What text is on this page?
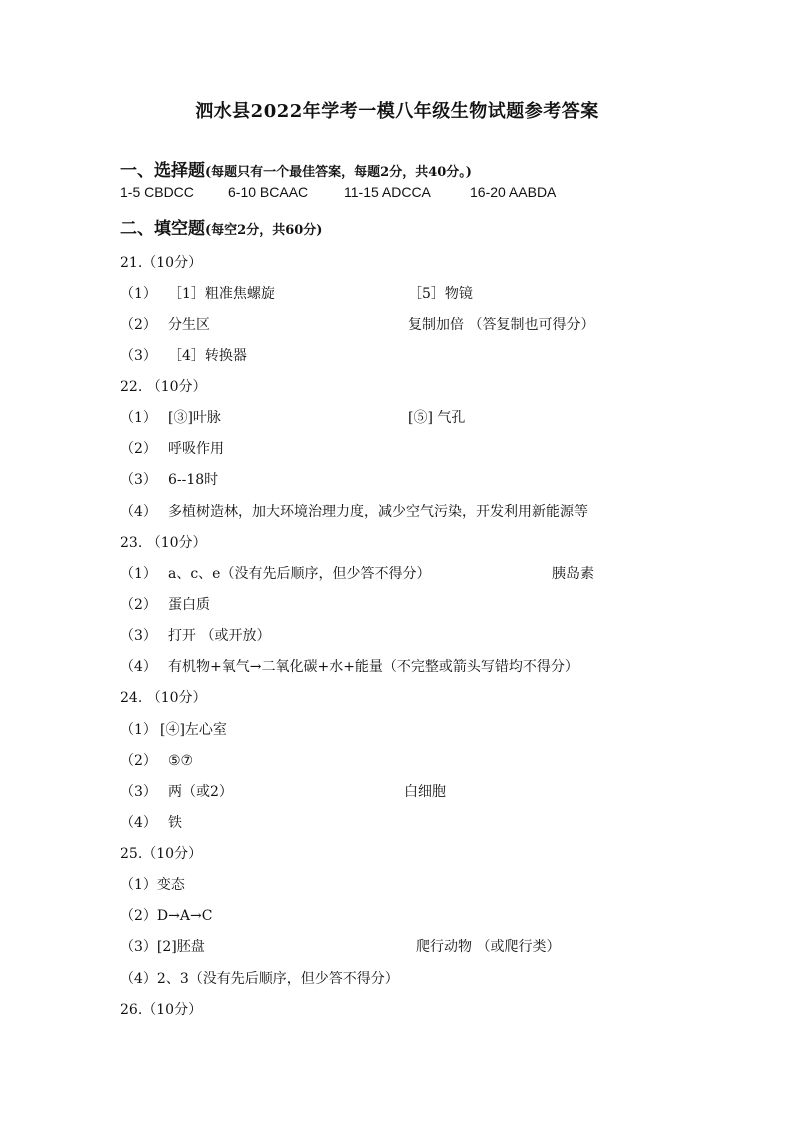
泗水县2022年学考一模八年级生物试题参考答案
一、选择题(每题只有一个最佳答案，每题2分，共40分。)
1-5 CBDCC 6-10 BCAAC	11-15 ADCCA	16-20 AABDA
二、填空题(每空2分，共60分)
21.（10分）
（1） ［1］粗准焦螺旋	［5］物镜
（2） 分生区	复制加倍 （答复制也可得分）
（3） ［4］转换器
22. （10分）
（1） [③]叶脉	[⑤] 气孔
（2） 呼吸作用
（3） 6--18时
（4） 多植树造林，加大环境治理力度，减少空气污染，开发利用新能源等
23. （10分）
（1） a、c、e（没有先后顺序，但少答不得分）	胰岛素
（2） 蛋白质
（3） 打开 （或开放）
（4） 有机物+氧气→二氧化碳+水+能量（不完整或箭头写错均不得分）
24. （10分）
（1） [④]左心室
（2） ⑤⑦
（3） 两（或2）	白细胞
（4） 铁
25.（10分）
（1）变态
（2）D→A→C
（3）[2]胚盘	爬行动物 （或爬行类）
（4）2、3（没有先后顺序，但少答不得分）
26.（10分）
